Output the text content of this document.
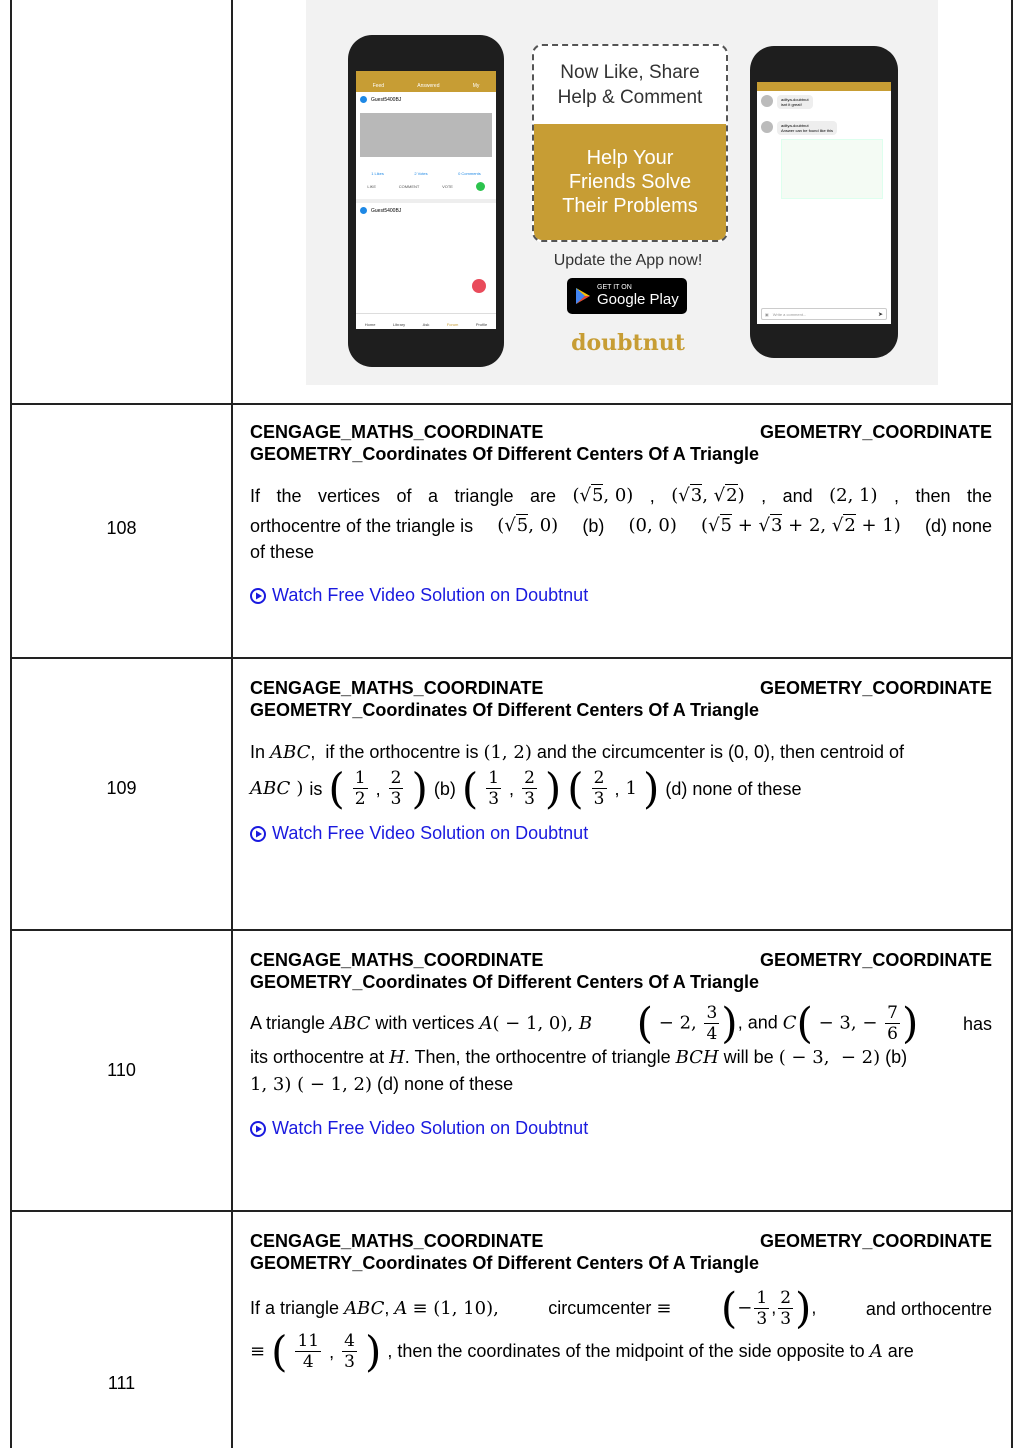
Feed	Answered	My
Guest5400BJ
1 Likes	2 Votes	0 Comments
LIKE	COMMENT	VOTE
Guest5400BJ
Home	Library	Ask	Forum	Profile
Now Like, Share
Help & Comment
Help Your
Friends Solve
Their Problems
Update the App now!
GET IT ON
Google Play
doubtnut
aditya-doubtnut
isnt it great!
aditya-doubtnut
Answer can be found like this
▣ Write a comment...	➤
108
CENGAGE_MATHS_COORDINATE	GEOMETRY_COORDINATE
GEOMETRY_Coordinates Of Different Centers Of A Triangle
If the vertices of a triangle are (√5, 0) , (√3, √2) , and (2, 1) , then the
orthocentre of the triangle is (√5, 0) (b) (0, 0) (√5 + √3 + 2, √2 + 1) (d) none
of these
Watch Free Video Solution on Doubtnut
109
CENGAGE_MATHS_COORDINATE	GEOMETRY_COORDINATE
GEOMETRY_Coordinates Of Different Centers Of A Triangle
In ABC,  if the orthocentre is (1, 2) and the circumcenter is (0, 0), then centroid of
ABC ) is ( $\frac{1}{2}$ , $\frac{2}{3}$ ) (b) ( $\frac{1}{3}$ , $\frac{2}{3}$ ) ( $\frac{2}{3}$ , 1 ) (d) none of these
Watch Free Video Solution on Doubtnut
110
CENGAGE_MATHS_COORDINATE	GEOMETRY_COORDINATE
GEOMETRY_Coordinates Of Different Centers Of A Triangle
A triangle ABC with vertices A( − 1, 0), B ( − 2, $\frac{3}{4}$ ), and C( − 3, − $\frac{7}{6}$ ) has
its orthocentre at H. Then, the orthocentre of triangle BCH will be ( − 3,  − 2) (b)
1, 3) ( − 1, 2) (d) none of these
Watch Free Video Solution on Doubtnut
111
CENGAGE_MATHS_COORDINATE	GEOMETRY_COORDINATE
GEOMETRY_Coordinates Of Different Centers Of A Triangle
If a triangle ABC, A ≡ (1, 10),	circumcenter ≡ (− $\frac{1}{3}$ , $\frac{2}{3}$ ),	and orthocentre
≡ ( $\frac{11}{4}$ , $\frac{4}{3}$ ) , then the coordinates of the midpoint of the side opposite to A are
